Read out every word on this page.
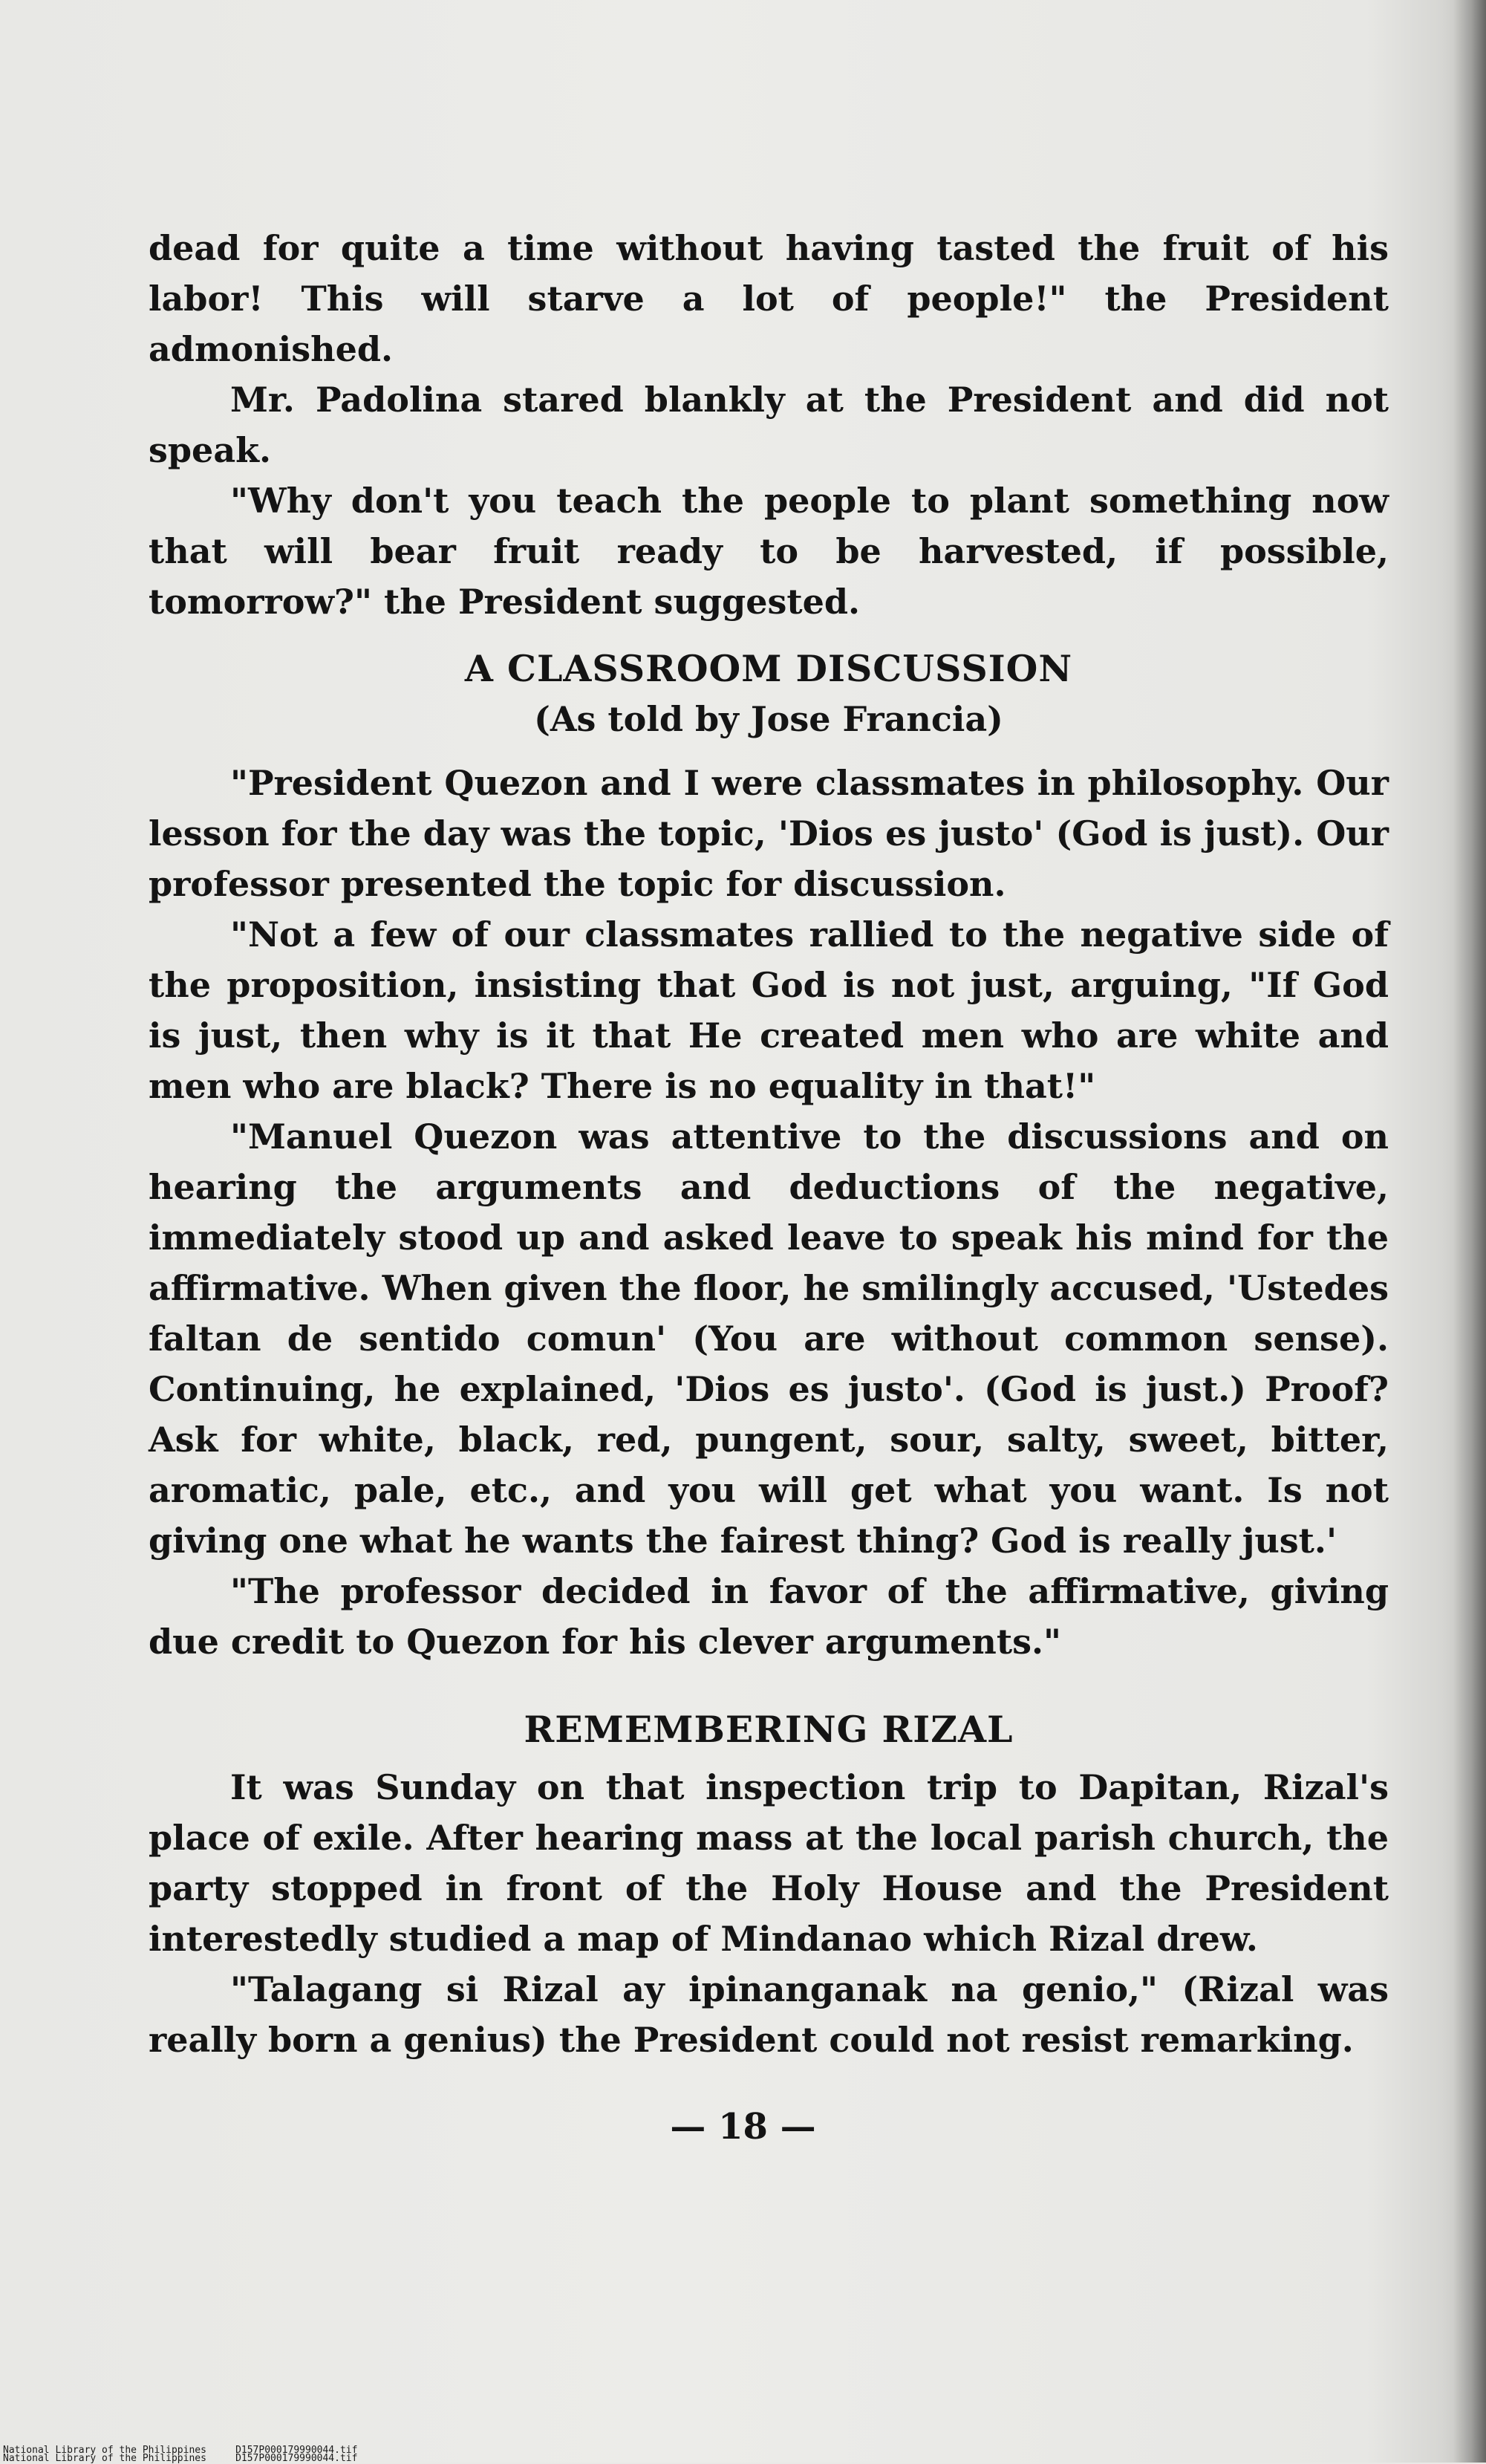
dead for quite a time without having tasted the fruit of his labor! This will starve a lot of people!" the President admonished.

Mr. Padolina stared blankly at the President and did not speak.

"Why don't you teach the people to plant something now that will bear fruit ready to be harvested, if possible, tomorrow?" the President suggested.

A CLASSROOM DISCUSSION

(As told by Jose Francia)

"President Quezon and I were classmates in philosophy. Our lesson for the day was the topic, 'Dios es justo' (God is just). Our professor presented the topic for discussion.

"Not a few of our classmates rallied to the negative side of the proposition, insisting that God is not just, arguing, "If God is just, then why is it that He created men who are white and men who are black? There is no equality in that!"

"Manuel Quezon was attentive to the discussions and on hearing the arguments and deductions of the negative, immediately stood up and asked leave to speak his mind for the affirmative. When given the floor, he smilingly accused, 'Ustedes faltan de sentido comun' (You are without common sense). Continuing, he explained, 'Dios es justo'. (God is just.) Proof? Ask for white, black, red, pungent, sour, salty, sweet, bitter, aromatic, pale, etc., and you will get what you want. Is not giving one what he wants the fairest thing? God is really just.'

"The professor decided in favor of the affirmative, giving due credit to Quezon for his clever arguments."

REMEMBERING RIZAL

It was Sunday on that inspection trip to Dapitan, Rizal's place of exile. After hearing mass at the local parish church, the party stopped in front of the Holy House and the President interestedly studied a map of Mindanao which Rizal drew.

"Talagang si Rizal ay ipinanganak na genio," (Rizal was really born a genius) the President could not resist remarking.

— 18 —
National Library of the Philippines     D157P000179990044.tif
National Library of the Philippines     D157P000179990044.tif
